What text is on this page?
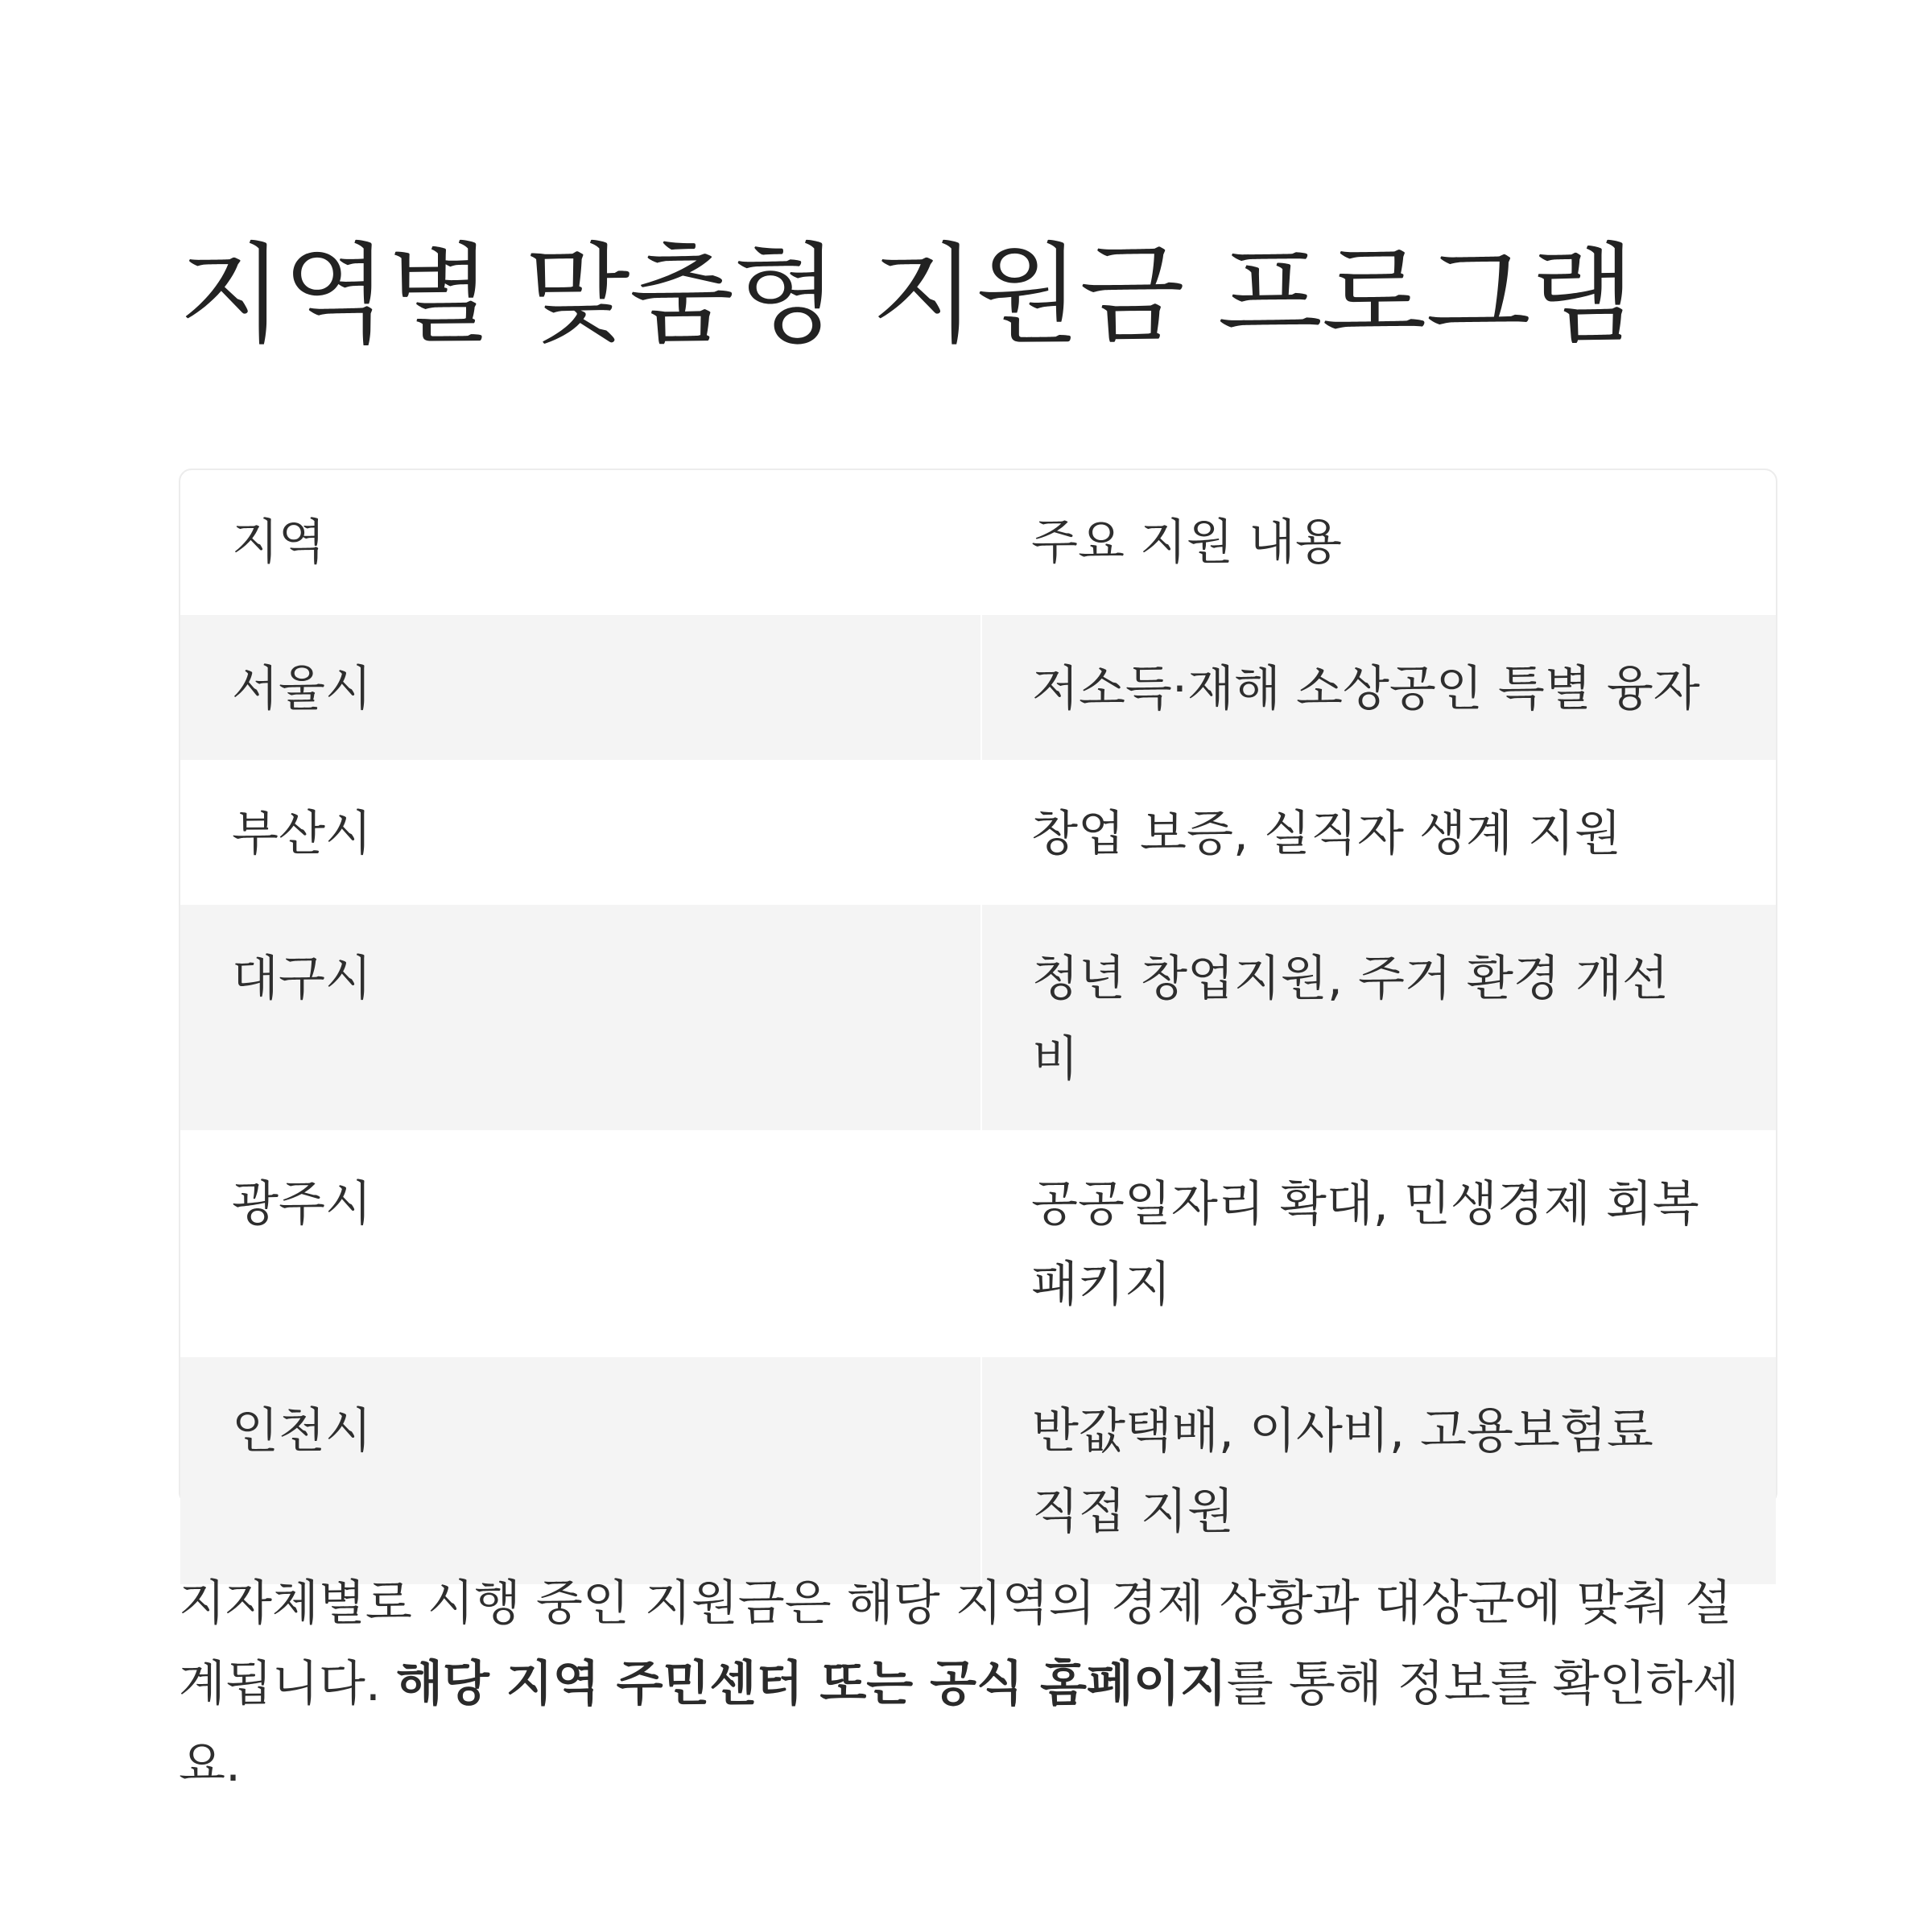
지역별 맞춤형 지원금 프로그램
지역	주요 지원 내용
서울시	저소득·재해 소상공인 특별 융자
부산시	창업 보증, 실직자 생계 지원
대구시	청년 창업지원, 주거 환경 개선비
광주시	공공일자리 확대, 민생경제 회복 패키지
인천시	반값택배, 이사비, 고용보험료 직접 지원

지자체별로 시행 중인 지원금은 해당 지역의 경제 상황과 대상군에 맞춰 설계됩니다. 해당 지역 주민센터 또는 공식 홈페이지를 통해 정보를 확인하세요.
